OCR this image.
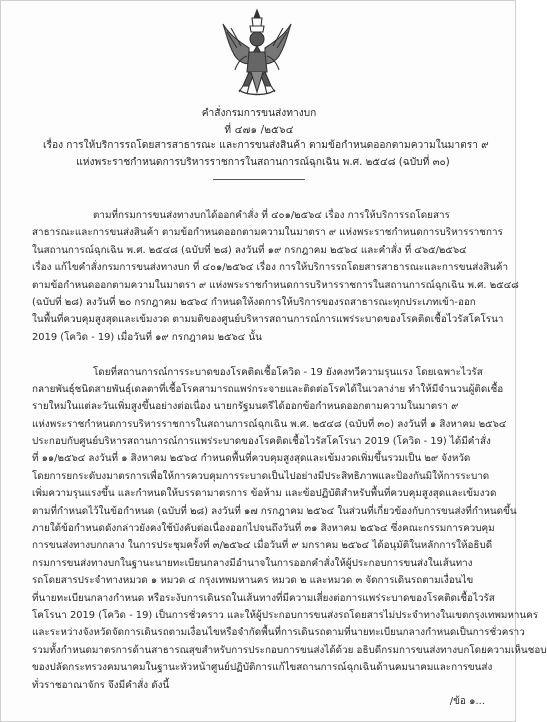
คำสั่งกรมการขนส่งทางบก
ที่ ๔๗๑ /๒๕๖๔
เรื่อง การให้บริการรถโดยสารสาธารณะ และการขนส่งสินค้า ตามข้อกำหนดออกตามความในมาตรา ๙
แห่งพระราชกำหนดการบริหารราชการในสถานการณ์ฉุกเฉิน พ.ศ. ๒๕๔๘ (ฉบับที่ ๓๐)
ตามที่กรมการขนส่งทางบกได้ออกคำสั่ง ที่ ๔๐๑/๒๕๖๔ เรื่อง การให้บริการรถโดยสาร
สาธารณะและการขนส่งสินค้า ตามข้อกำหนดออกตามความในมาตรา ๙ แห่งพระราชกำหนดการบริหารราชการ
ในสถานการณ์ฉุกเฉิน พ.ศ. ๒๕๔๘ (ฉบับที่ ๒๘) ลงวันที่ ๑๙ กรกฎาคม ๒๕๖๔ และคำสั่ง ที่ ๔๖๕/๒๕๖๔
เรื่อง แก้ไขคำสั่งกรมการขนส่งทางบก ที่ ๔๐๑/๒๕๖๔ เรื่อง การให้บริการรถโดยสารสาธารณะและการขนส่งสินค้า
ตามข้อกำหนดออกตามความในมาตรา ๙ แห่งพระราชกำหนดการบริหารราชการในสถานการณ์ฉุกเฉิน พ.ศ. ๒๕๔๘
(ฉบับที่ ๒๘) ลงวันที่ ๒๐ กรกฎาคม ๒๕๖๔ กำหนดให้งดการให้บริการของรถสาธารณะทุกประเภทเข้า-ออก
ในพื้นที่ควบคุมสูงสุดและเข้มงวด ตามมติของศูนย์บริหารสถานการณ์การแพร่ระบาดของโรคติดเชื้อไวรัสโคโรนา
2019 (โควิด - 19) เมื่อวันที่ ๑๙ กรกฎาคม ๒๕๖๔ นั้น
โดยที่สถานการณ์การระบาดของโรคติดเชื้อโควิด - 19 ยังคงทวีความรุนแรง โดยเฉพาะไวรัส
กลายพันธุ์ชนิดสายพันธุ์เดลตาที่เชื้อโรคสามารถแพร่กระจายและติดต่อโรคได้ในเวลาง่าย ทำให้มีจำนวนผู้ติดเชื้อ
รายใหม่ในแต่ละวันเพิ่มสูงขึ้นอย่างต่อเนื่อง นายกรัฐมนตรีได้ออกข้อกำหนดออกตามความในมาตรา ๙
แห่งพระราชกำหนดการบริหารราชการในสถานการณ์ฉุกเฉิน พ.ศ. ๒๕๔๘ (ฉบับที่ ๓๐) ลงวันที่ ๑ สิงหาคม ๒๕๖๔
ประกอบกับศูนย์บริหารสถานการณ์การแพร่ระบาดของโรคติดเชื้อไวรัสโคโรนา 2019 (โควิด - 19) ได้มีคำสั่ง
ที่ ๑๑/๒๕๖๔ ลงวันที่ ๑ สิงหาคม ๒๕๖๔ กำหนดพื้นที่ควบคุมสูงสุดและเข้มงวดเพิ่มขึ้นรวมเป็น ๒๙ จังหวัด
โดยการยกระดับงมาตรการเพื่อให้การควบคุมการระบาดเป็นไปอย่างมีประสิทธิภาพและป้องกันมิให้การระบาด
เพิ่มความรุนแรงขึ้น และกำหนดให้บรรดามาตรการ ข้อห้าม และข้อปฏิบัติสำหรับพื้นที่ควบคุมสูงสุดและเข้มงวด
ตามที่กำหนดไว้ในข้อกำหนด (ฉบับที่ ๒๘) ลงวันที่ ๑๗ กรกฎาคม ๒๕๖๔ ในส่วนที่เกี่ยวข้องกับการขนส่งที่กำหนดขึ้น
ภายใต้ข้อกำหนดดังกล่าวยังคงใช้บังคับต่อเนื่องออกไปจนถึงวันที่ ๓๑ สิงหาคม ๒๕๖๔ ซึ่งคณะกรรมการควบคุม
การขนส่งทางบกกลาง ในการประชุมครั้งที่ ๓/๒๕๖๔ เมื่อวันที่ ๙ มกราคม ๒๕๖๔ ได้อนุมัติในหลักการให้อธิบดี
กรมการขนส่งทางบกในฐานะนายทะเบียนกลางมีอำนาจในการออกคำสั่งให้ผู้ประกอบการขนส่งในเส้นทาง
รถโดยสารประจำทางหมวด ๑ หมวด ๔ กรุงเทพมหานคร หมวด ๒ และหมวด ๓ จัดการเดินรถตามเงื่อนไข
ที่นายทะเบียนกลางกำหนด หรือระงับการเดินรถในเส้นทางที่มีความเสี่ยงต่อการแพร่ระบาดของโรคติดเชื้อไวรัส
โคโรนา 2019 (โควิด - 19) เป็นการชั่วคราว และให้ผู้ประกอบการขนส่งรถโดยสารไม่ประจำทางในเขตกรุงเทพมหานคร
และระหว่างจังหวัดจัดการเดินรถตามเงื่อนไขหรือจำกัดพื้นที่การเดินรถตามที่นายทะเบียนกลางกำหนดเป็นการชั่วคราว
รวมทั้งกำหนดมาตรการด้านสาธารณสุขสำหรับการประกอบการขนส่งได้ด้วย อธิบดีกรมการขนส่งทางบกโดยความเห็นชอบ
ของปลัดกระทรวงคมนาคมในฐานะหัวหน้าศูนย์ปฏิบัติการแก้ไขสถานการณ์ฉุกเฉินด้านคมนาคมและการขนส่ง
ทั่วราชอาณาจักร จึงมีคำสั่ง ดังนี้
/ข้อ ๑...
